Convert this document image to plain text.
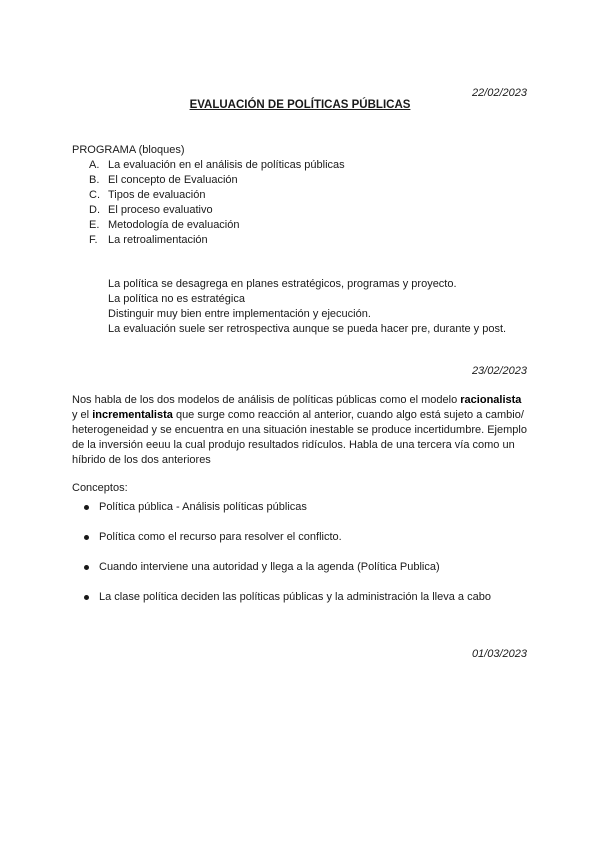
22/02/2023
EVALUACIÓN DE POLÍTICAS PÚBLICAS
PROGRAMA (bloques)
A. La evaluación en el análisis de políticas públicas
B. El concepto de Evaluación
C. Tipos de evaluación
D. El proceso evaluativo
E. Metodología de evaluación
F. La retroalimentación
La política se desagrega en planes estratégicos, programas y proyecto.
La política no es estratégica
Distinguir muy bien entre implementación y ejecución.
La evaluación suele ser retrospectiva aunque se pueda hacer pre, durante y post.
23/02/2023
Nos habla de los dos modelos de análisis de políticas públicas como el modelo racionalista y el incrementalista que surge como reacción al anterior, cuando algo está sujeto a cambio/ heterogeneidad y se encuentra en una situación inestable se produce incertidumbre. Ejemplo de la inversión eeuu la cual produjo resultados ridículos. Habla de una tercera vía como un híbrido de los dos anteriores
Conceptos:
Política pública - Análisis políticas públicas
Política como el recurso para resolver el conflicto.
Cuando interviene una autoridad y llega a la agenda (Política Publica)
La clase política deciden las políticas públicas y la administración la lleva a cabo
01/03/2023
